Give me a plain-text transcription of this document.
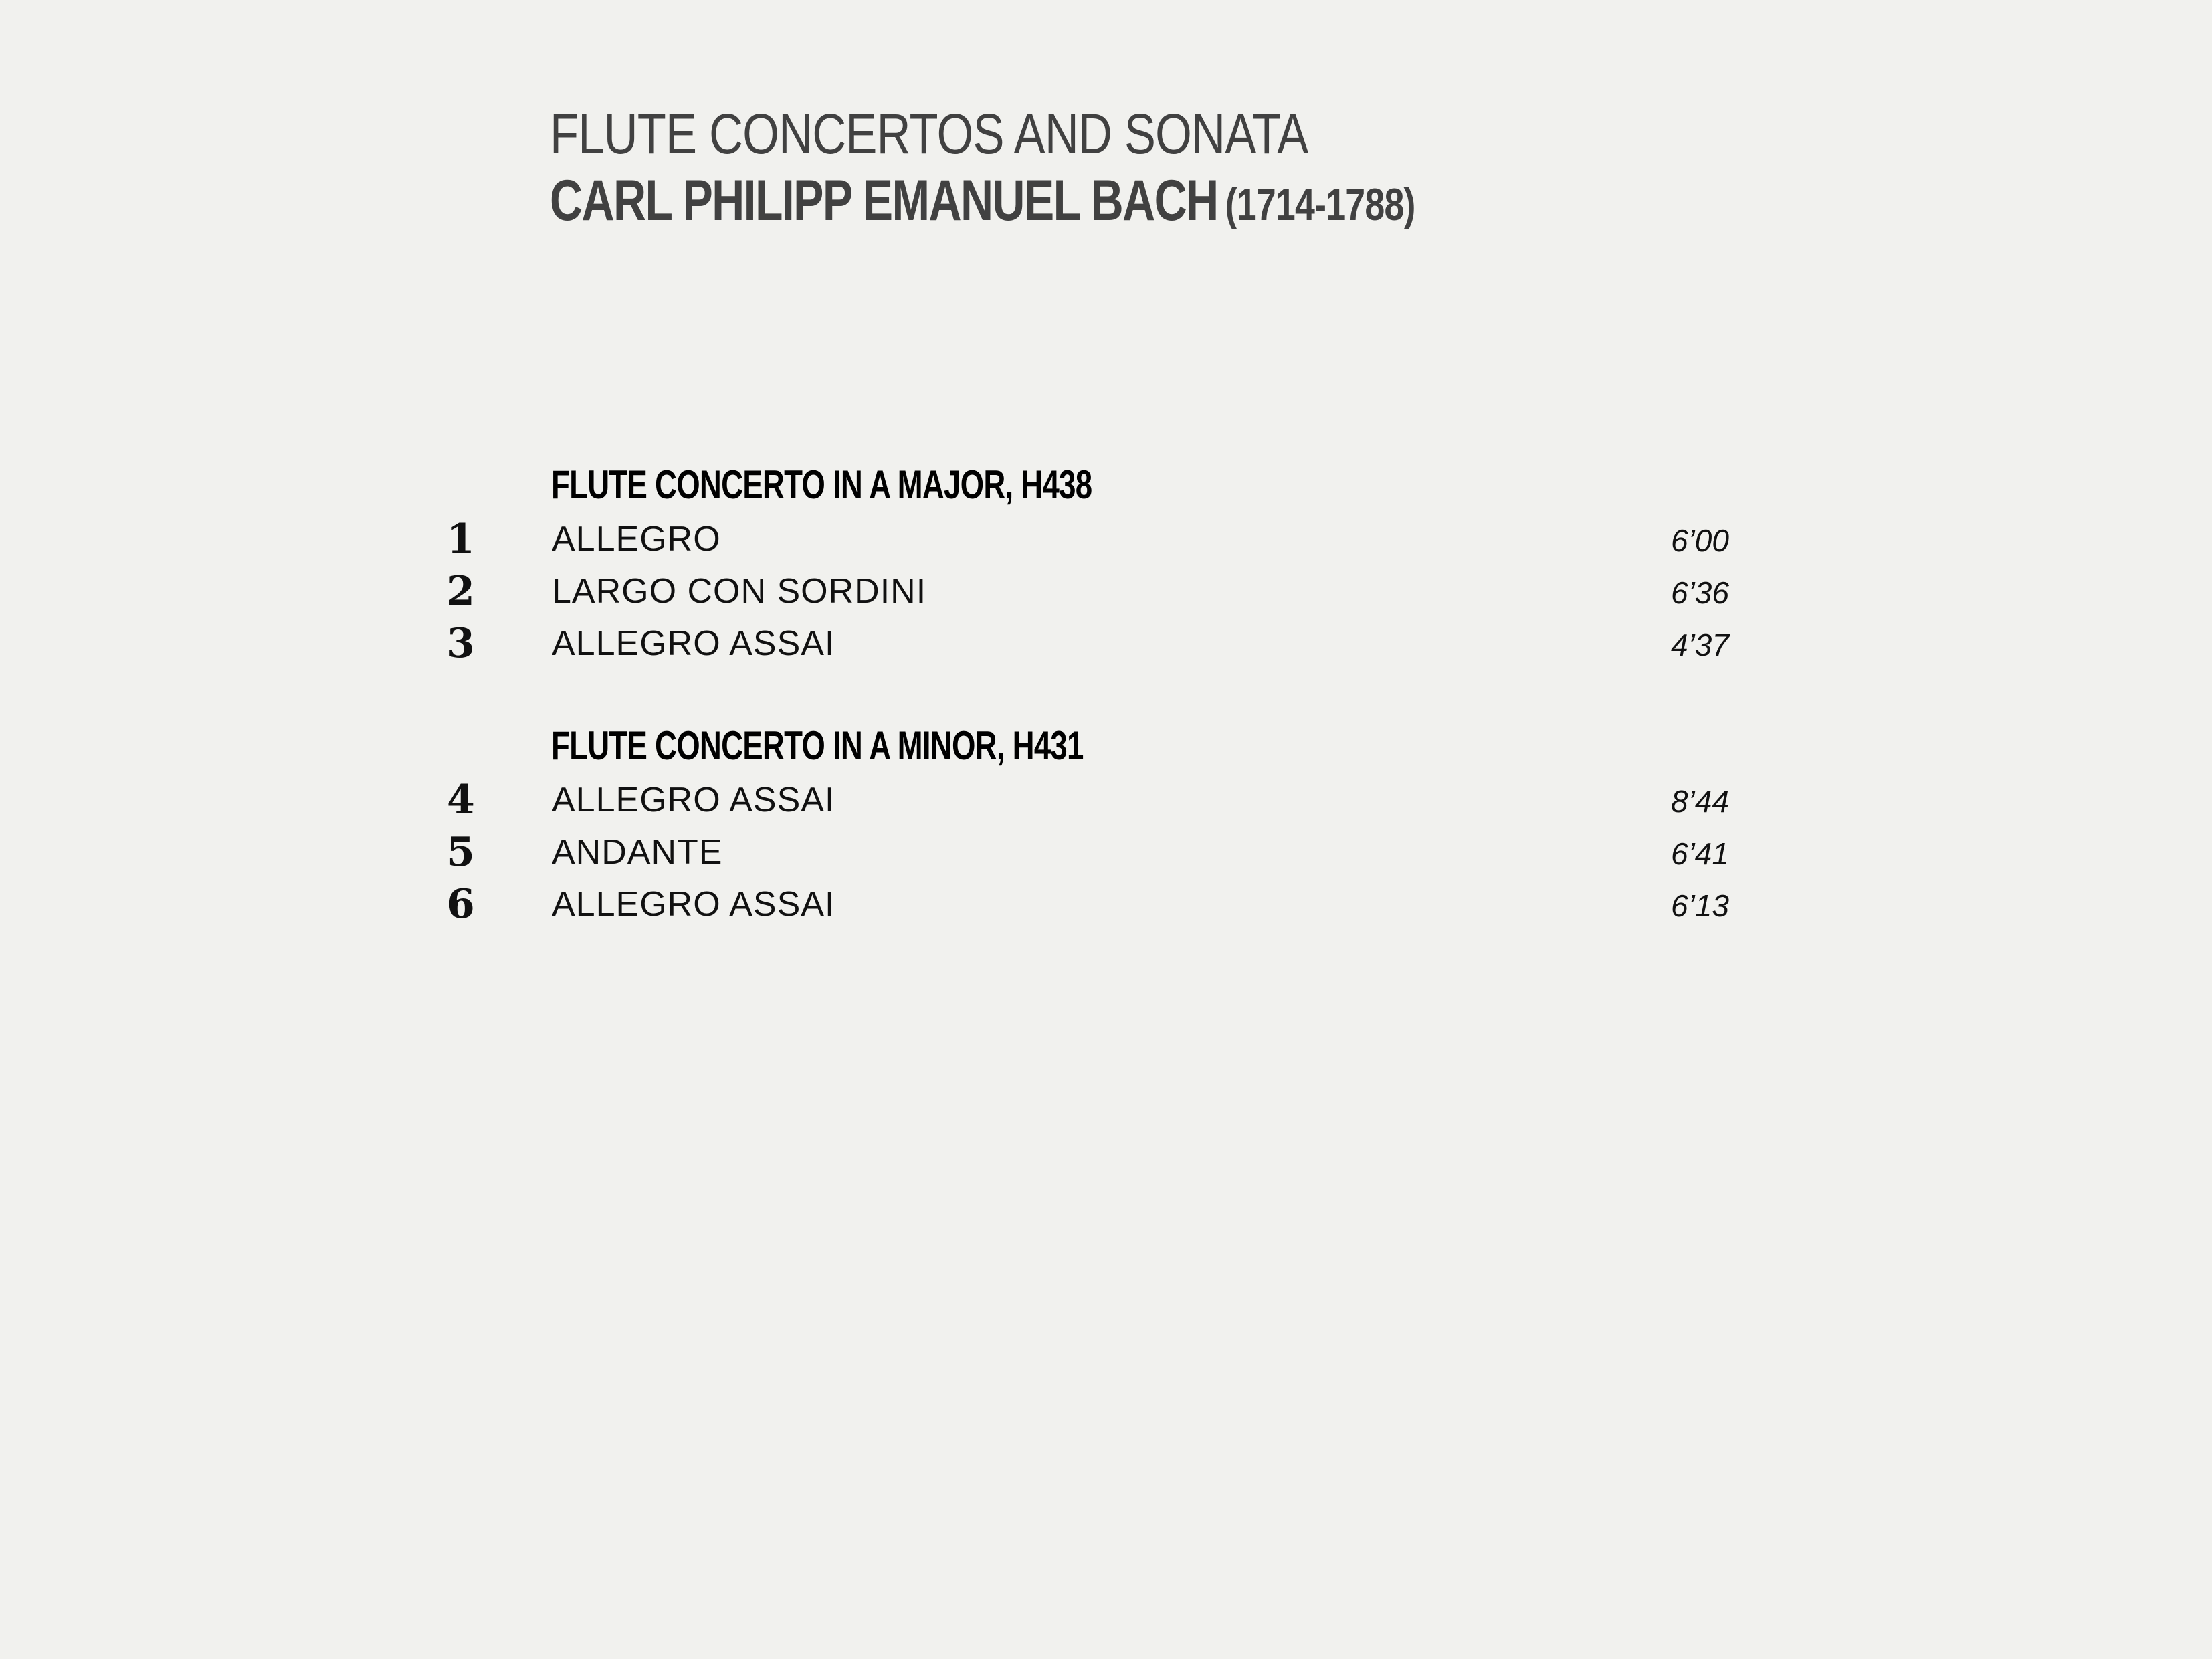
FLUTE CONCERTOS AND SONATA
CARL PHILIPP EMANUEL BACH (1714-1788)
FLUTE CONCERTO IN A MAJOR, H438
1	ALLEGRO	6’00
2	LARGO CON SORDINI	6’36
3	ALLEGRO ASSAI	4’37
FLUTE CONCERTO IN A MINOR, H431
4	ALLEGRO ASSAI	8’44
5	ANDANTE	6’41
6	ALLEGRO ASSAI	6’13
